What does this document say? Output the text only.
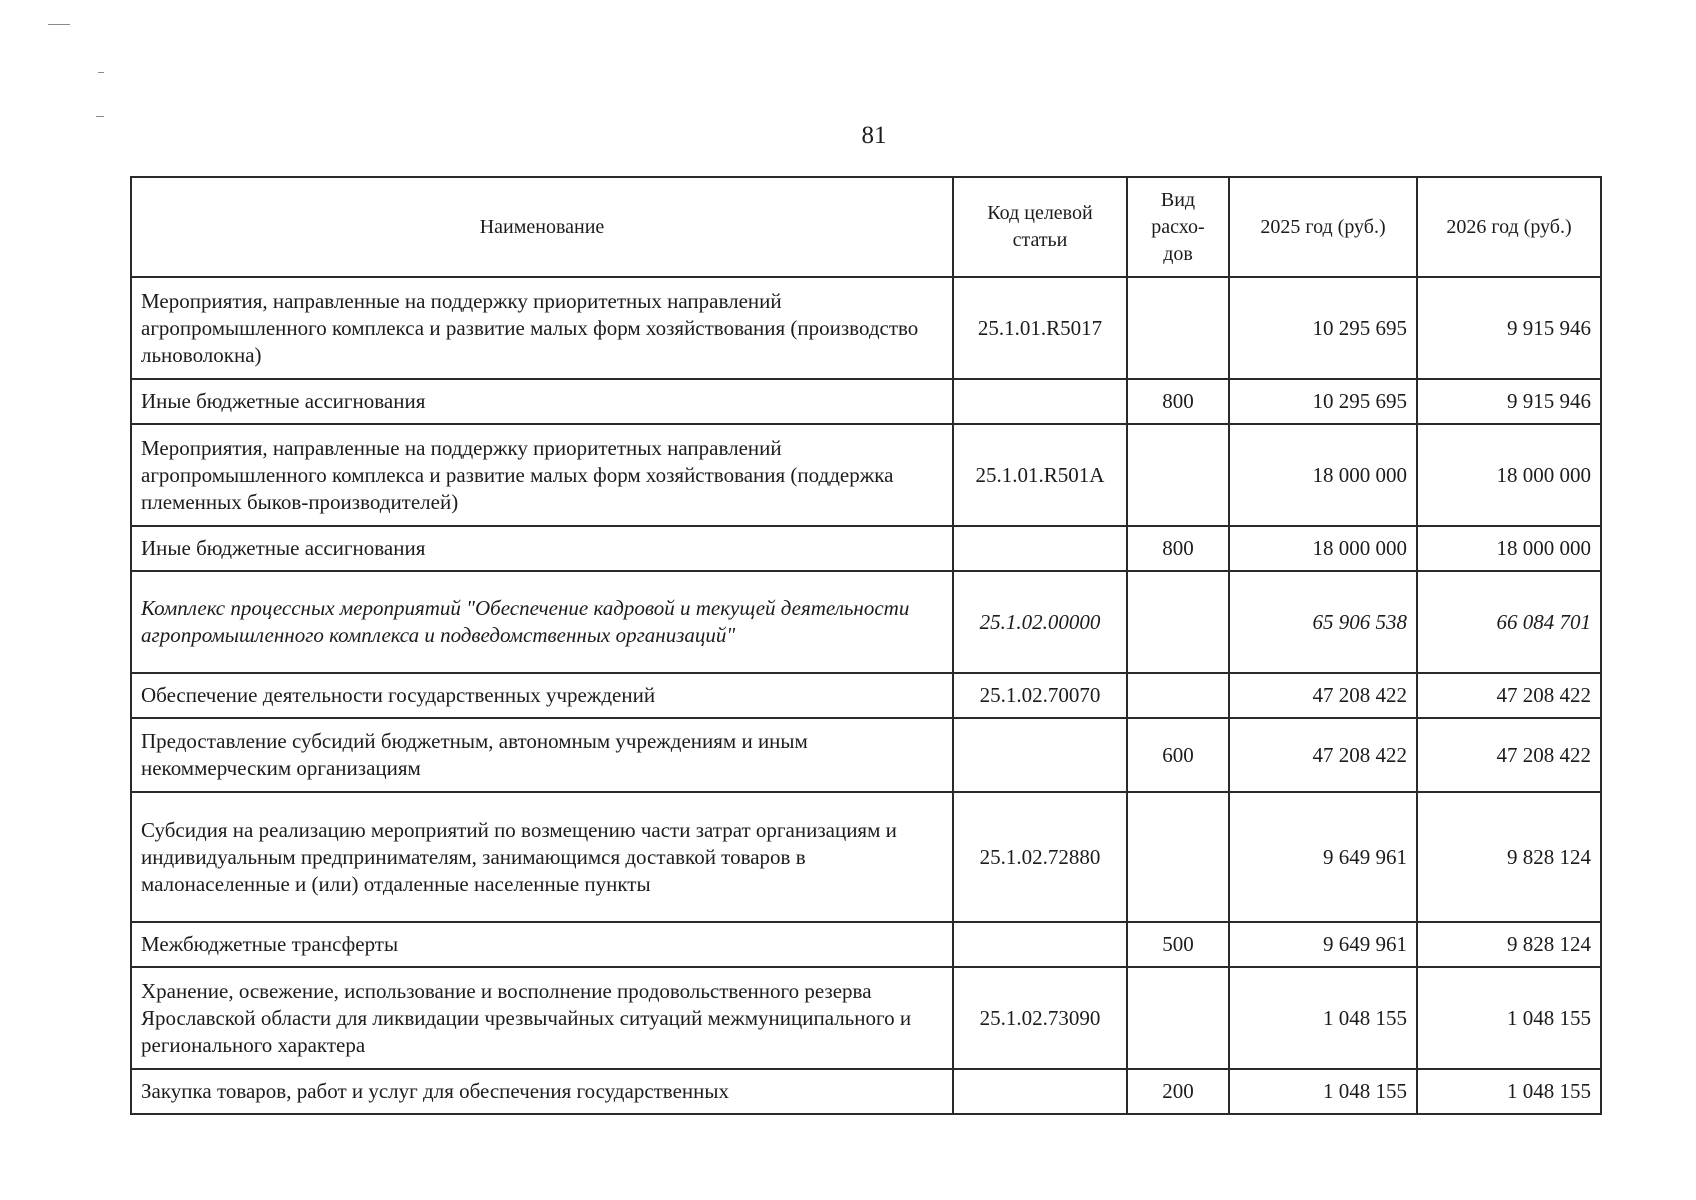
81
Наименование	Код целевой статьи	Вид расхо-дов	2025 год (руб.)	2026 год (руб.)
Мероприятия, направленные на поддержку приоритетных направлений агропромышленного комплекса и развитие малых форм хозяйствования (производство льноволокна)	25.1.01.R5017		10 295 695	9 915 946
Иные бюджетные ассигнования		800	10 295 695	9 915 946
Мероприятия, направленные на поддержку приоритетных направлений агропромышленного комплекса и развитие малых форм хозяйствования (поддержка племенных быков-производителей)	25.1.01.R501А		18 000 000	18 000 000
Иные бюджетные ассигнования		800	18 000 000	18 000 000
Комплекс процессных мероприятий "Обеспечение кадровой и текущей деятельности агропромышленного комплекса и подведомственных организаций"	25.1.02.00000		65 906 538	66 084 701
Обеспечение деятельности государственных учреждений	25.1.02.70070		47 208 422	47 208 422
Предоставление субсидий бюджетным, автономным учреждениям и иным некоммерческим организациям		600	47 208 422	47 208 422
Субсидия на реализацию мероприятий по возмещению части затрат организациям и индивидуальным предпринимателям, занимающимся доставкой товаров в малонаселенные и (или) отдаленные населенные пункты	25.1.02.72880		9 649 961	9 828 124
Межбюджетные трансферты		500	9 649 961	9 828 124
Хранение, освежение, использование и восполнение продовольственного резерва Ярославской области для ликвидации чрезвычайных ситуаций межмуниципального и регионального характера	25.1.02.73090		1 048 155	1 048 155
Закупка товаров, работ и услуг для обеспечения государственных		200	1 048 155	1 048 155
